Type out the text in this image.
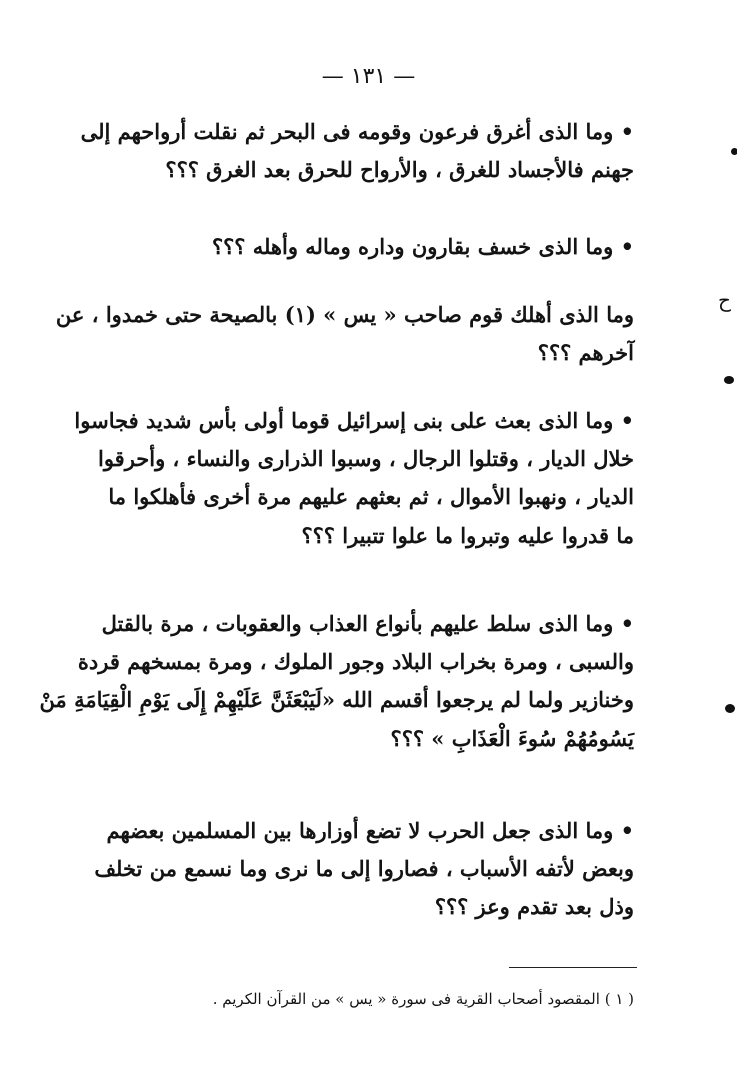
— ١٣١ —
• وما الذى أغرق فرعون وقومه فى البحر ثم نقلت أرواحهم إلى
جهنم فالأجساد للغرق ، والأرواح للحرق بعد الغرق ؟؟؟
• وما الذى خسف بقارون وداره وماله وأهله ؟؟؟
وما الذى أهلك قوم صاحب « يس » (١) بالصيحة حتى خمدوا ، عن
آخرهم ؟؟؟
• وما الذى بعث على بنى إسرائيل قوما أولى بأس شديد فجاسوا
خلال الديار ، وقتلوا الرجال ، وسبوا الذرارى والنساء ، وأحرقوا
الديار ، ونهبوا الأموال ، ثم بعثهم عليهم مرة أخرى فأهلكوا ما
ما قدروا عليه وتبروا ما علوا تتبيرا ؟؟؟
• وما الذى سلط عليهم بأنواع العذاب والعقوبات ، مرة بالقتل
والسبى ، ومرة بخراب البلاد وجور الملوك ، ومرة بمسخهم قردة
وخنازير ولما لم يرجعوا أقسم الله «لَيَبْعَثَنَّ عَلَيْهِمْ إِلَى يَوْمِ الْقِيَامَةِ مَنْ
يَسُومُهُمْ سُوءَ الْعَذَابِ » ؟؟؟
• وما الذى جعل الحرب لا تضع أوزارها بين المسلمين بعضهم
وبعض لأتفه الأسباب ، فصاروا إلى ما نرى وما نسمع من تخلف
وذل بعد تقدم وعز ؟؟؟
( ١ ) المقصود أصحاب القرية فى سورة « يس » من القرآن الكريم .
ح
